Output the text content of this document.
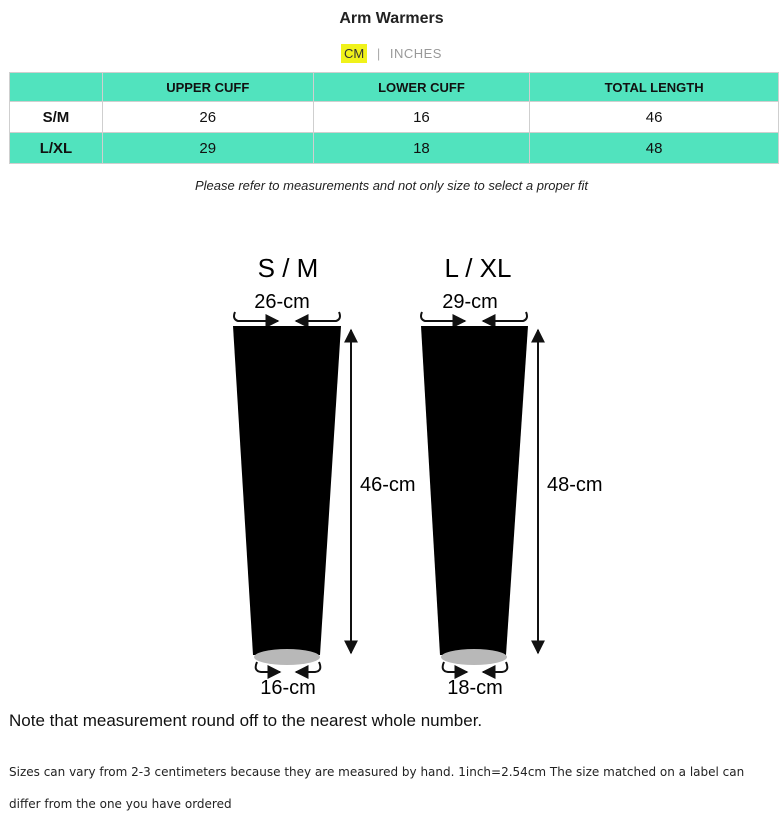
Arm Warmers
CM | INCHES
	UPPER CUFF	LOWER CUFF	TOTAL LENGTH
S/M	26	16	46
L/XL	29	18	48
Please refer to measurements and not only size to select a proper fit
S / M
26-cm
46-cm
16-cm
L / XL
29-cm
48-cm
18-cm
Note that measurement round off to the nearest whole number.
Sizes can vary from 2-3 centimeters because they are measured by hand. 1inch=2.54cm The size matched on a label can differ from the one you have ordered
